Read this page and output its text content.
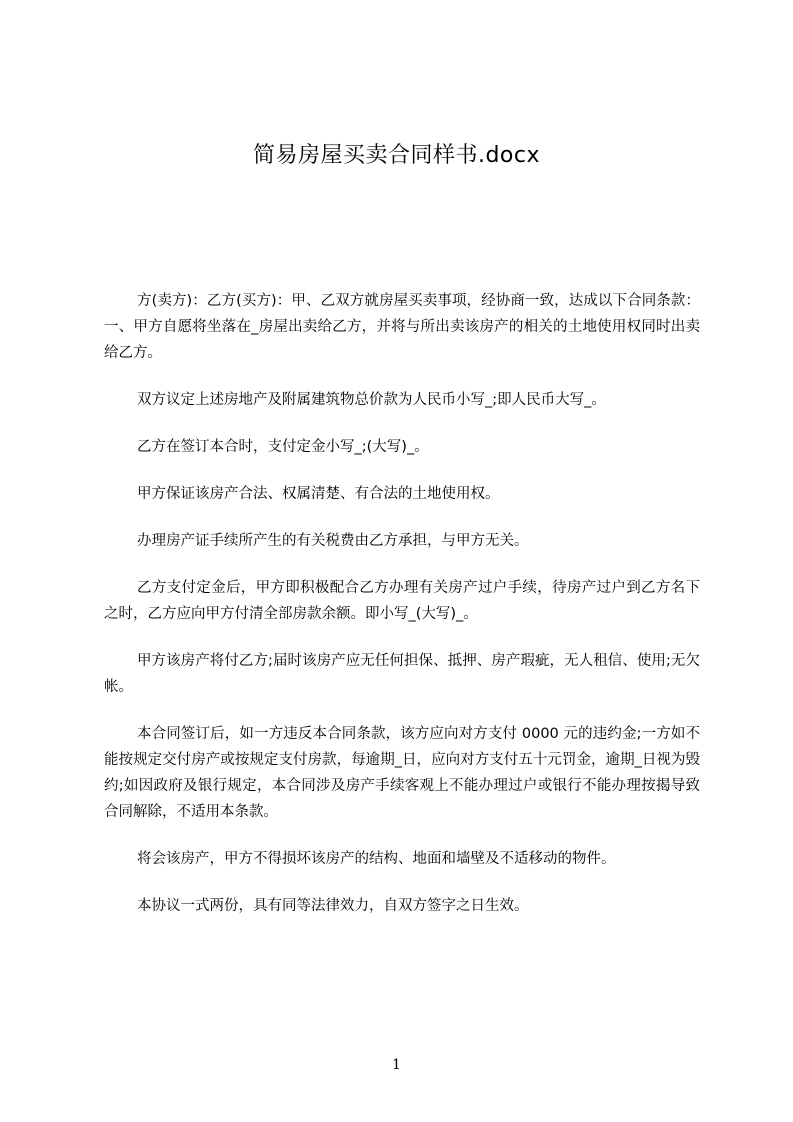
简易房屋买卖合同样书.docx

方(卖方)：乙方(买方)：甲、乙双方就房屋买卖事项，经协商一致，达成以下合同条款：一、甲方自愿将坐落在_房屋出卖给乙方，并将与所出卖该房产的相关的土地使用权同时出卖给乙方。

双方议定上述房地产及附属建筑物总价款为人民币小写_;即人民币大写_。

乙方在签订本合时，支付定金小写_;(大写)_。

甲方保证该房产合法、权属清楚、有合法的土地使用权。

办理房产证手续所产生的有关税费由乙方承担，与甲方无关。

乙方支付定金后，甲方即积极配合乙方办理有关房产过户手续，待房产过户到乙方名下之时，乙方应向甲方付清全部房款余额。即小写_(大写)_。

甲方该房产将付乙方;届时该房产应无任何担保、抵押、房产瑕疵，无人租信、使用;无欠帐。

本合同签订后，如一方违反本合同条款，该方应向对方支付 0000 元的违约金;一方如不能按规定交付房产或按规定支付房款，每逾期_日，应向对方支付五十元罚金，逾期_日视为毁约;如因政府及银行规定，本合同涉及房产手续客观上不能办理过户或银行不能办理按揭导致合同解除，不适用本条款。

将会该房产，甲方不得损坏该房产的结构、地面和墙壁及不适移动的物件。

本协议一式两份，具有同等法律效力，自双方签字之日生效。

1
